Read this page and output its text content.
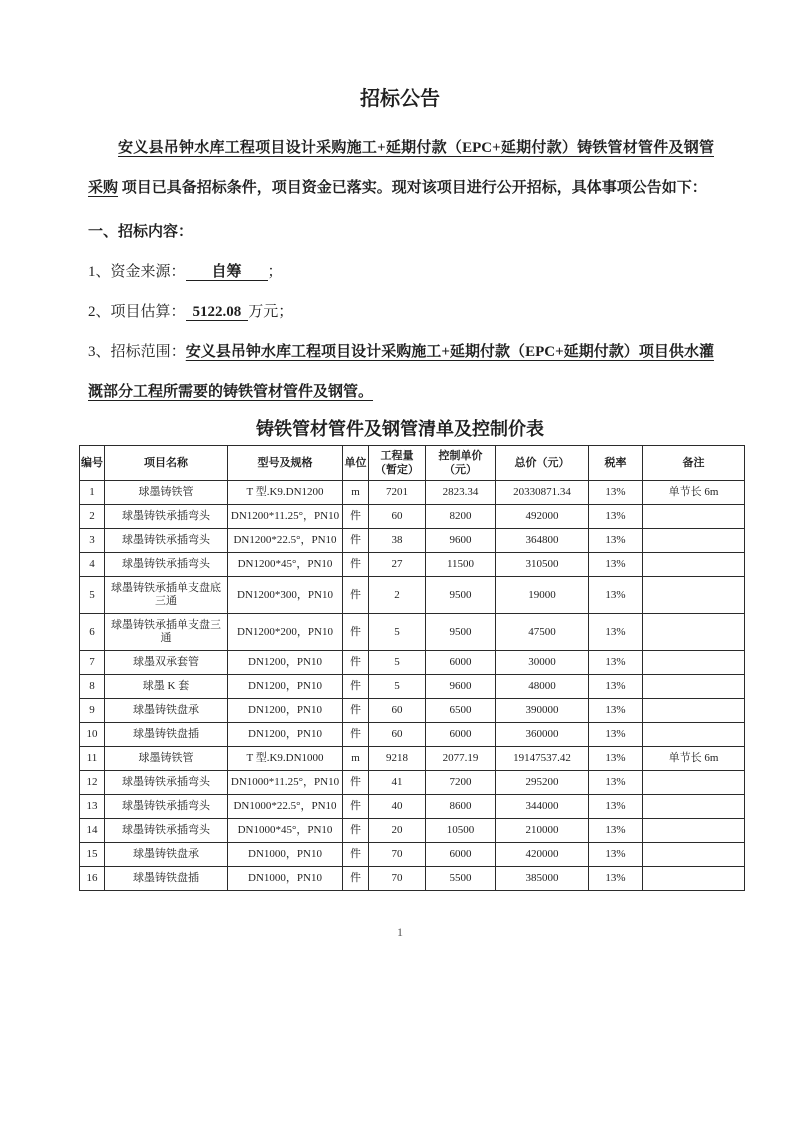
招标公告

安义县吊钟水库工程项目设计采购施工+延期付款（EPC+延期付款）铸铁管材管件及钢管采购 项目已具备招标条件，项目资金已落实。现对该项目进行公开招标，具体事项公告如下：

一、招标内容：

1、资金来源： 自筹 ；

2、项目估算： 5122.08 万元；

3、招标范围：安义县吊钟水库工程项目设计采购施工+延期付款（EPC+延期付款）项目供水灌溉部分工程所需要的铸铁管材管件及钢管。

铸铁管材管件及钢管清单及控制价表
编号	项目名称	型号及规格	单位	工程量（暂定）	控制单价（元）	总价（元）	税率	备注
1	球墨铸铁管	T 型.K9.DN1200	m	7201	2823.34	20330871.34	13%	单节长 6m
2	球墨铸铁承插弯头	DN1200*11.25°，PN10	件	60	8200	492000	13%	
3	球墨铸铁承插弯头	DN1200*22.5°，PN10	件	38	9600	364800	13%	
4	球墨铸铁承插弯头	DN1200*45°，PN10	件	27	11500	310500	13%	
5	球墨铸铁承插单支盘底三通	DN1200*300，PN10	件	2	9500	19000	13%	
6	球墨铸铁承插单支盘三通	DN1200*200，PN10	件	5	9500	47500	13%	
7	球墨双承套管	DN1200，PN10	件	5	6000	30000	13%	
8	球墨 K 套	DN1200，PN10	件	5	9600	48000	13%	
9	球墨铸铁盘承	DN1200，PN10	件	60	6500	390000	13%	
10	球墨铸铁盘插	DN1200，PN10	件	60	6000	360000	13%	
11	球墨铸铁管	T 型.K9.DN1000	m	9218	2077.19	19147537.42	13%	单节长 6m
12	球墨铸铁承插弯头	DN1000*11.25°，PN10	件	41	7200	295200	13%	
13	球墨铸铁承插弯头	DN1000*22.5°，PN10	件	40	8600	344000	13%	
14	球墨铸铁承插弯头	DN1000*45°，PN10	件	20	10500	210000	13%	
15	球墨铸铁盘承	DN1000，PN10	件	70	6000	420000	13%	
16	球墨铸铁盘插	DN1000，PN10	件	70	5500	385000	13%	
1
